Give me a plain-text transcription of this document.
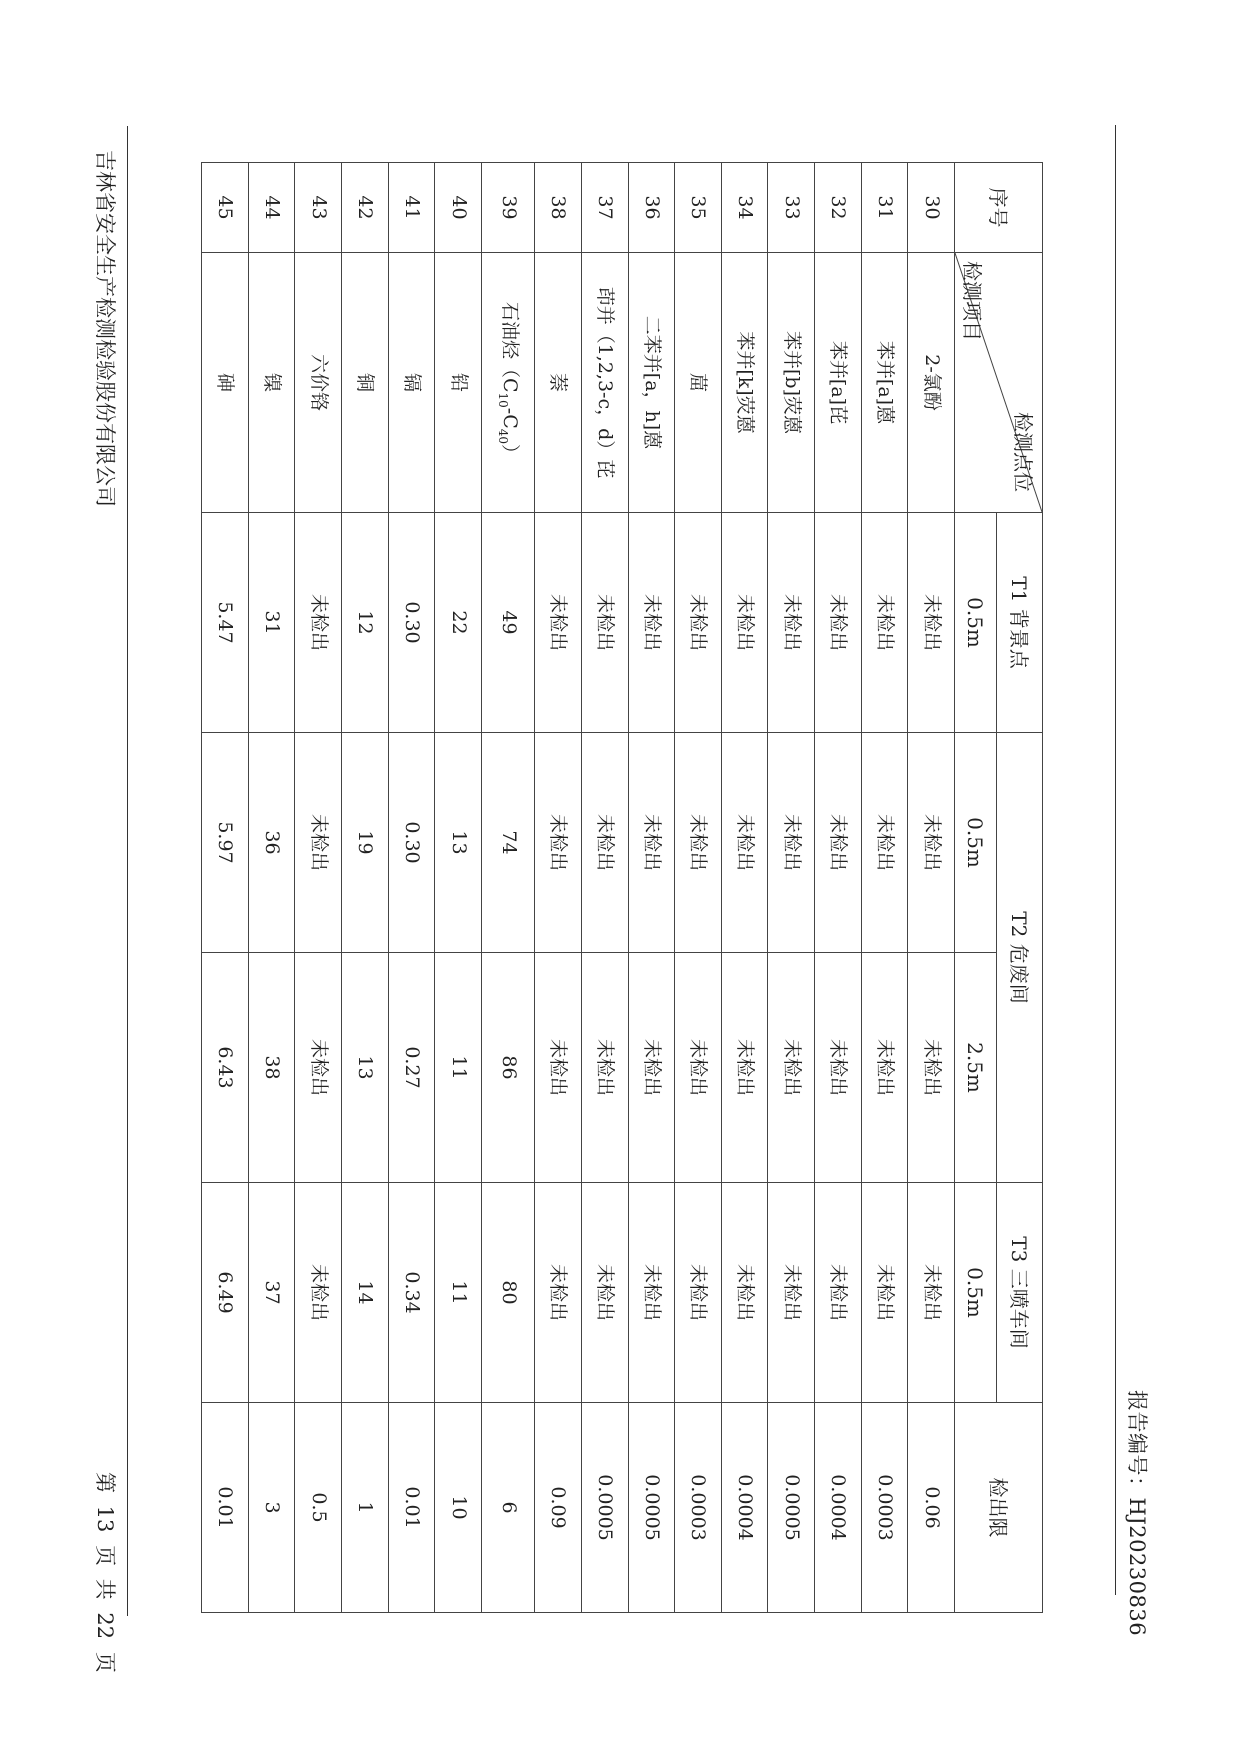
报告编号：HJ20230836
序号	检测点位
检测项目	T1 背景点	T2 危废间		T3 三喷车间	检出限
		0.5m	0.5m	2.5m	0.5m	
30	2-氯酚	未检出	未检出	未检出	未检出	0.06
31	苯并[a]蒽	未检出	未检出	未检出	未检出	0.0003
32	苯并[a]芘	未检出	未检出	未检出	未检出	0.0004
33	苯并[b]荧蒽	未检出	未检出	未检出	未检出	0.0005
34	苯并[k]荧蒽	未检出	未检出	未检出	未检出	0.0004
35	䓛	未检出	未检出	未检出	未检出	0.0003
36	二苯并[a，h]蒽	未检出	未检出	未检出	未检出	0.0005
37	茚并（1,2,3-c，d）芘	未检出	未检出	未检出	未检出	0.0005
38	萘	未检出	未检出	未检出	未检出	0.09
39	石油烃$(C_{10}-C_{40})$	49	74	86	80	6
40	铅	22	13	11	11	10
41	镉	0.30	0.30	0.27	0.34	0.01
42	铜	12	19	13	14	1
43	六价铬	未检出	未检出	未检出	未检出	0.5
44	镍	31	36	38	37	3
45	砷	5.47	5.97	6.43	6.49	0.01
吉林省安全生产检测检验股份有限公司
第 13 页 共 22 页
